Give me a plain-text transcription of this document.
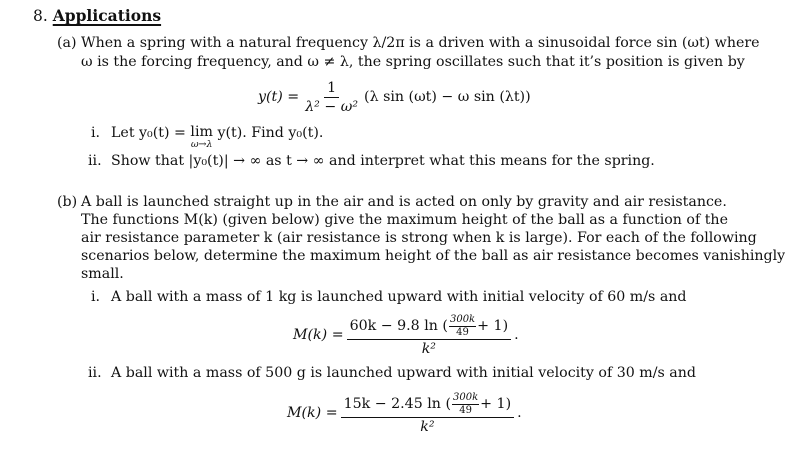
8. Applications
(a) When a spring with a natural frequency λ/2π is a driven with a sinusoidal force sin (ωt) where
ω is the forcing frequency, and ω ≠ λ, the spring oscillates such that it’s position is given by
$y(t) = \frac{1}{\text{λ² − ω²}} (\lambda$ sin (ωt) − ω sin (λt))
i. Let y₀(t) = lim
ω→λ
y(t). Find y₀(t).
ii. Show that |y₀(t)| → ∞ as t → ∞ and interpret what this means for the spring.
(b) A ball is launched straight up in the air and is acted on only by gravity and air resistance.
The functions M(k) (given below) give the maximum height of the ball as a function of the
air resistance parameter k (air resistance is strong when k is large). For each of the following
scenarios below, determine the maximum height of the ball as air resistance becomes vanishingly
small.
i. A ball with a mass of 1 kg is launched upward with initial velocity of 60 m/s and
M(k) =
60k − 9.8 ln ( $\frac{300k}{49} + 1$)
k²
.
ii. A ball with a mass of 500 g is launched upward with initial velocity of 30 m/s and
M(k) =
15k − 2.45 ln ( $\frac{300k}{49} + 1$)
k²
.
